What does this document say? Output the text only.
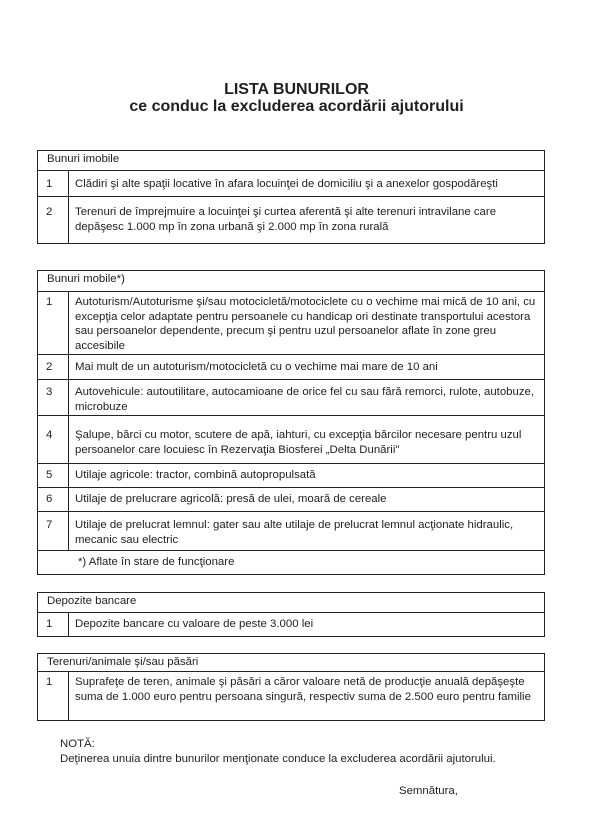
LISTA BUNURILOR
ce conduc la excluderea acordării ajutorului
Bunuri imobile	
1	Clădiri şi alte spaţii locative în afara locuinţei de domiciliu şi a anexelor gospodăreşti
2	Terenuri de împrejmuire a locuinţei şi curtea aferentă şi alte terenuri intravilane care depăşesc 1.000 mp în zona urbană şi 2.000 mp în zona rurală
Bunuri mobile*)	
1	Autoturism/Autoturisme şi/sau motocicletă/motociclete cu o vechime mai mică de 10 ani, cu excepţia celor adaptate pentru persoanele cu handicap ori destinate transportului acestora sau persoanelor dependente, precum şi pentru uzul persoanelor aflate în zone greu accesibile
2	Mai mult de un autoturism/motocicletă cu o vechime mai mare de 10 ani
3	Autovehicule: autoutilitare, autocamioane de orice fel cu sau fără remorci, rulote, autobuze, microbuze
4	Şalupe, bărci cu motor, scutere de apă, iahturi, cu excepţia bărcilor necesare pentru uzul persoanelor care locuiesc în Rezervaţia Biosferei „Delta Dunării"
5	Utilaje agricole: tractor, combină autopropulsată
6	Utilaje de prelucrare agricolă: presă de ulei, moară de cereale
7	Utilaje de prelucrat lemnul: gater sau alte utilaje de prelucrat lemnul acţionate hidraulic, mecanic sau electric
*) Aflate în stare de funcţionare	
Depozite bancare
1	Depozite bancare cu valoare de peste 3.000 lei
Terenuri/animale şi/sau păsări
1	Suprafeţe de teren, animale şi păsări a căror valoare netă de producţie anuală depăşeşte suma de 1.000 euro pentru persoana singură, respectiv suma de 2.500 euro pentru familie
NOTĂ:
Deţinerea unuia dintre bunurilor menţionate conduce la excluderea acordării ajutorului.
Semnătura,
